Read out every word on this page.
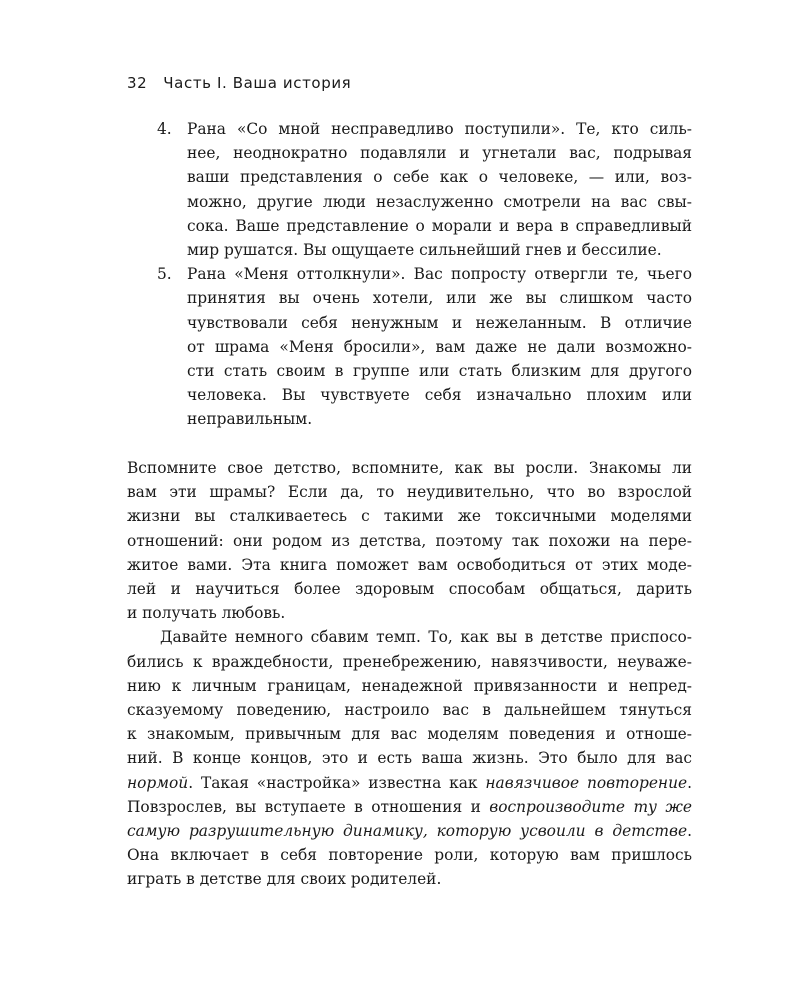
32 Часть I. Ваша история
4. Рана «Со мной несправедливо поступили». Те, кто силь-
нее, неоднократно подавляли и угнетали вас, подрывая
ваши представления о себе как о человеке, — или, воз-
можно, другие люди незаслуженно смотрели на вас свы-
сока. Ваше представление о морали и вера в справедливый
мир рушатся. Вы ощущаете сильнейший гнев и бессилие.
5. Рана «Меня оттолкнули». Вас попросту отвергли те, чьего
принятия вы очень хотели, или же вы слишком часто
чувствовали себя ненужным и нежеланным. В отличие
от шрама «Меня бросили», вам даже не дали возможно-
сти стать своим в группе или стать близким для другого
человека. Вы чувствуете себя изначально плохим или
неправильным.
Вспомните свое детство, вспомните, как вы росли. Знакомы ли
вам эти шрамы? Если да, то неудивительно, что во взрослой
жизни вы сталкиваетесь с такими же токсичными моделями
отношений: они родом из детства, поэтому так похожи на пере-
житое вами. Эта книга поможет вам освободиться от этих моде-
лей и научиться более здоровым способам общаться, дарить
и получать любовь.
Давайте немного сбавим темп. То, как вы в детстве приспосо-
бились к враждебности, пренебрежению, навязчивости, неуваже-
нию к личным границам, ненадежной привязанности и непред-
сказуемому поведению, настроило вас в дальнейшем тянуться
к знакомым, привычным для вас моделям поведения и отноше-
ний. В конце концов, это и есть ваша жизнь. Это было для вас
нормой. Такая «настройка» известна как навязчивое повторение.
Повзрослев, вы вступаете в отношения и воспроизводите ту же
самую разрушительную динамику, которую усвоили в детстве.
Она включает в себя повторение роли, которую вам пришлось
играть в детстве для своих родителей.
